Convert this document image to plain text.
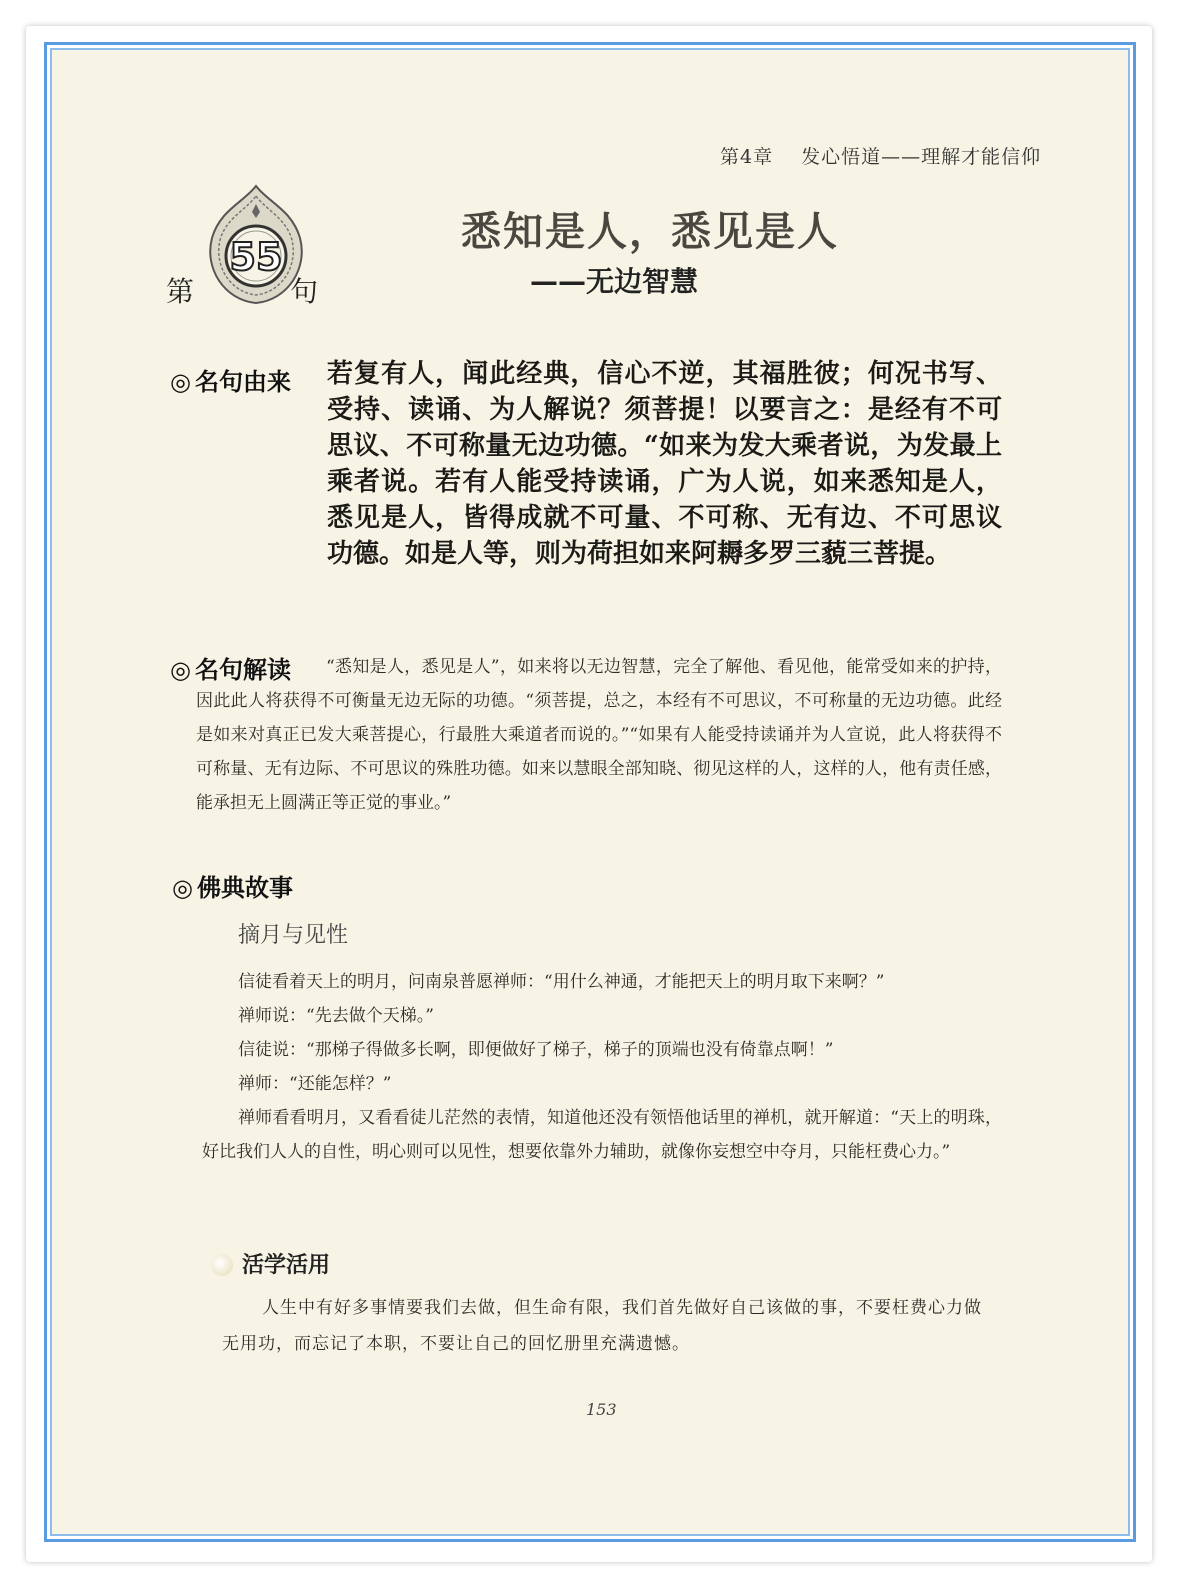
第4章 发心悟道——理解才能信仰
55
第	句
悉知是人，悉见是人
——无边智慧
◎ 名句由来 若复有人，闻此经典，信心不逆，其福胜彼；何况书写、受持、读诵、为人解说？须菩提！以要言之：是经有不可思议、不可称量无边功德。“如来为发大乘者说，为发最上乘者说。若有人能受持读诵，广为人说，如来悉知是人，悉见是人，皆得成就不可量、不可称、无有边、不可思议功德。如是人等，则为荷担如来阿耨多罗三藐三菩提。
◎ 名句解读	“悉知是人，悉见是人”，如来将以无边智慧，完全了解他、看见他，能常受如来的护持，因此此人将获得不可衡量无边无际的功德。“须菩提，总之，本经有不可思议，不可称量的无边功德。此经是如来对真正已发大乘菩提心，行最胜大乘道者而说的。”“如果有人能受持读诵并为人宣说，此人将获得不可称量、无有边际、不可思议的殊胜功德。如来以慧眼全部知晓、彻见这样的人，这样的人，他有责任感，能承担无上圆满正等正觉的事业。”
◎ 佛典故事
摘月与见性

信徒看着天上的明月，问南泉普愿禅师：“用什么神通，才能把天上的明月取下来啊？”

禅师说：“先去做个天梯。”

信徒说：“那梯子得做多长啊，即便做好了梯子，梯子的顶端也没有倚靠点啊！”

禅师：“还能怎样？”

禅师看看明月，又看看徒儿茫然的表情，知道他还没有领悟他话里的禅机，就开解道：“天上的明珠，好比我们人人的自性，明心则可以见性，想要依靠外力辅助，就像你妄想空中夺月，只能枉费心力。”

活学活用
人生中有好多事情要我们去做，但生命有限，我们首先做好自己该做的事，不要枉费心力做无用功，而忘记了本职，不要让自己的回忆册里充满遗憾。
153
